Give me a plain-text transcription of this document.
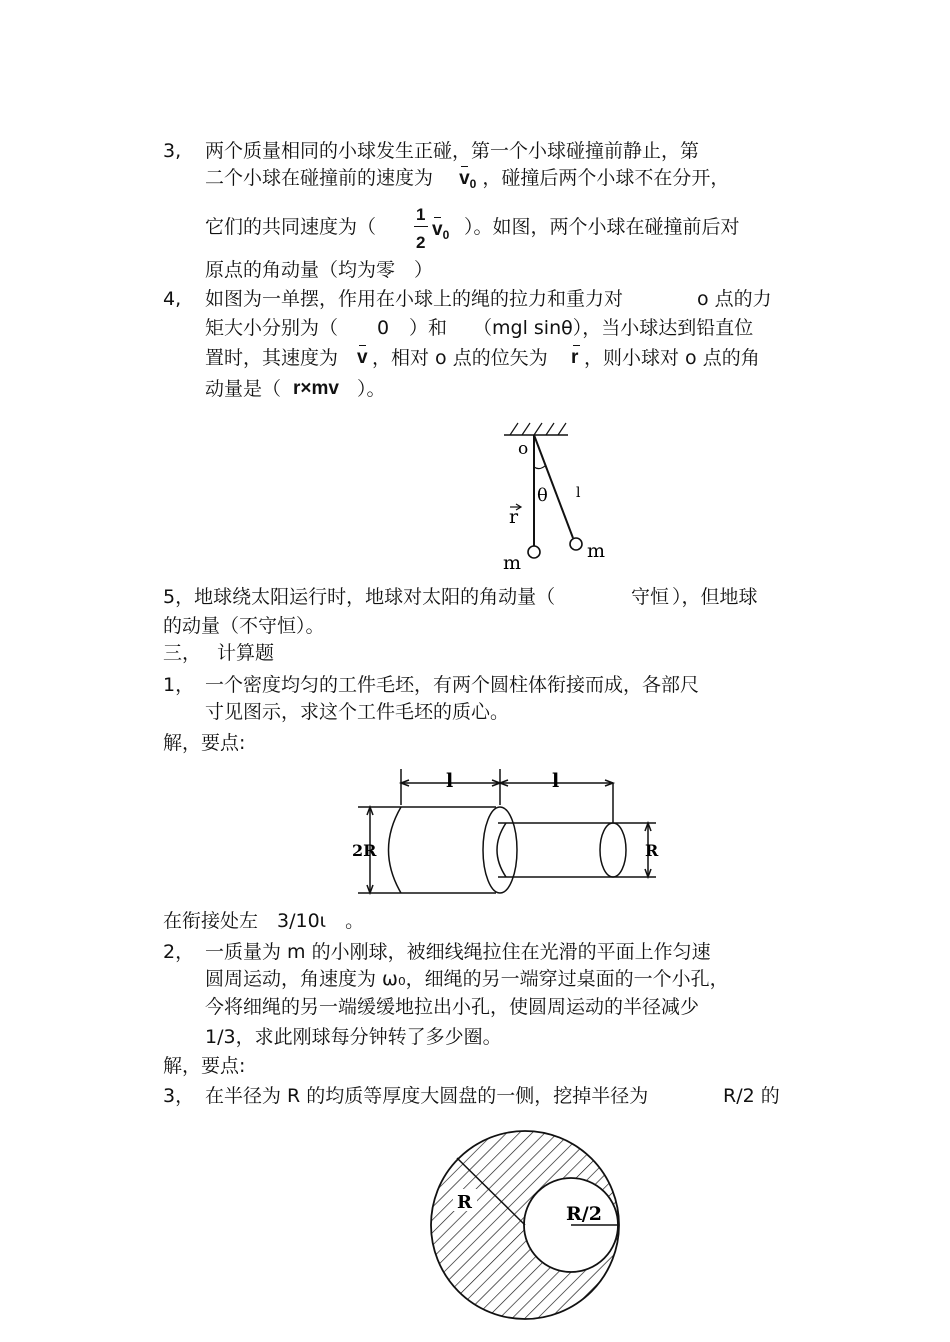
3, 两个质量相同的小球发生正碰，第一个小球碰撞前静止，第
二个小球在碰撞前的速度为 $v_0$ ，碰撞后两个小球不在分开，
它们的共同速度为（
1
2
$v_0$ ）。如图，两个小球在碰撞前后对
原点的角动量（均为零　）
4, 如图为一单摆，作用在小球上的绳的拉力和重力对	o 点的力
矩大小分别为（ 0 ）和 （mgl sinθ），当小球达到铅直位
置时，其速度为 v ，相对 o 点的位矢为 r ，则小球对 o 点的角
动量是（ r×mv ）。
o
θ l
r
m
m
5，地球绕太阳运行时，地球对太阳的角动量（	守恒 ），但地球
的动量（不守恒）。
三， 计算题
1， 一个密度均匀的工件毛坯，有两个圆柱体衔接而成，各部尺
寸见图示，求这个工件毛坯的质心。
解，要点:
l	l
2R	R
在衔接处左　3/10ι　。
2， 一质量为 m 的小刚球，被细线绳拉住在光滑的平面上作匀速
圆周运动，角速度为 ω₀，细绳的另一端穿过桌面的一个小孔，
今将细绳的另一端缓缓地拉出小孔，使圆周运动的半径减少
1/3，求此刚球每分钟转了多少圈。
解，要点:
3， 在半径为 R 的均质等厚度大圆盘的一侧，挖掉半径为	R/2 的
R
R/2
